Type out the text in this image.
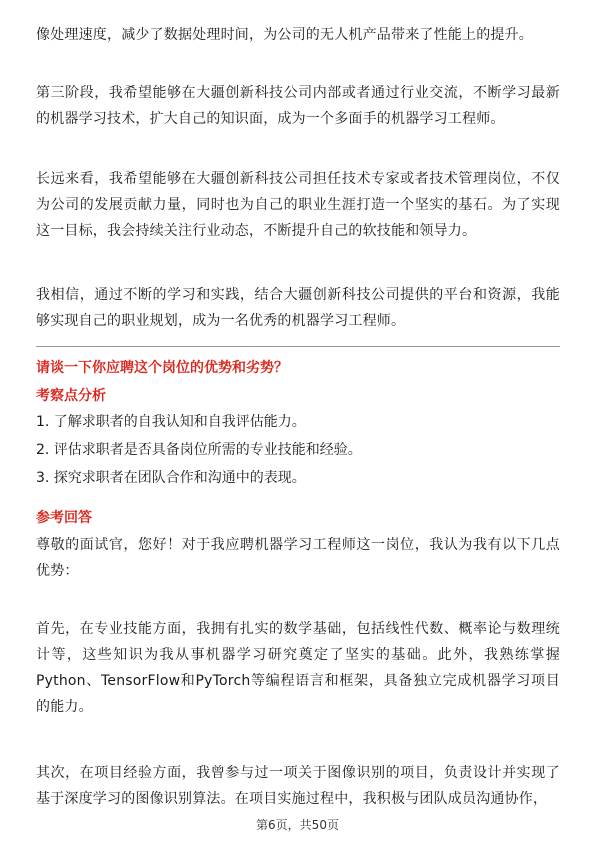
像处理速度，减少了数据处理时间，为公司的无人机产品带来了性能上的提升。

第三阶段，我希望能够在大疆创新科技公司内部或者通过行业交流，不断学习最新的机器学习技术，扩大自己的知识面，成为一个多面手的机器学习工程师。

长远来看，我希望能够在大疆创新科技公司担任技术专家或者技术管理岗位，不仅为公司的发展贡献力量，同时也为自己的职业生涯打造一个坚实的基石。为了实现这一目标，我会持续关注行业动态，不断提升自己的软技能和领导力。

我相信，通过不断的学习和实践，结合大疆创新科技公司提供的平台和资源，我能够实现自己的职业规划，成为一名优秀的机器学习工程师。

请谈一下你应聘这个岗位的优势和劣势？

考察点分析

1. 了解求职者的自我认知和自我评估能力。

2. 评估求职者是否具备岗位所需的专业技能和经验。

3. 探究求职者在团队合作和沟通中的表现。

参考回答

尊敬的面试官，您好！对于我应聘机器学习工程师这一岗位，我认为我有以下几点优势：

首先，在专业技能方面，我拥有扎实的数学基础，包括线性代数、概率论与数理统计等，这些知识为我从事机器学习研究奠定了坚实的基础。此外，我熟练掌握Python、TensorFlow和PyTorch等编程语言和框架，具备独立完成机器学习项目的能力。

其次，在项目经验方面，我曾参与过一项关于图像识别的项目，负责设计并实现了基于深度学习的图像识别算法。在项目实施过程中，我积极与团队成员沟通协作，

第6页，共50页
